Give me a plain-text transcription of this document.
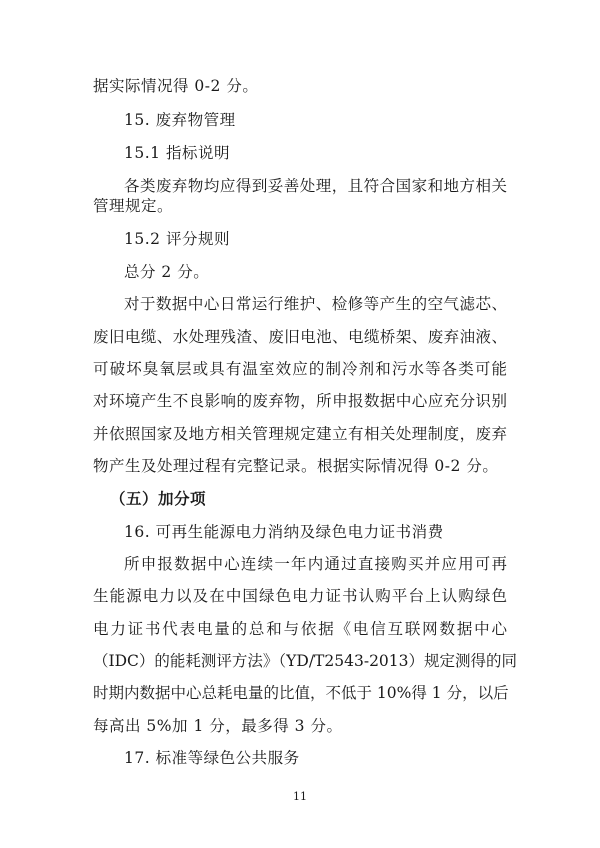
据实际情况得 0-2 分。
15. 废弃物管理
15.1 指标说明
各类废弃物均应得到妥善处理，且符合国家和地方相关
管理规定。
15.2 评分规则
总分 2 分。
对于数据中心日常运行维护、检修等产生的空气滤芯、
废旧电缆、水处理残渣、废旧电池、电缆桥架、废弃油液、
可破坏臭氧层或具有温室效应的制冷剂和污水等各类可能
对环境产生不良影响的废弃物，所申报数据中心应充分识别
并依照国家及地方相关管理规定建立有相关处理制度，废弃
物产生及处理过程有完整记录。根据实际情况得 0-2 分。
（五）加分项
16. 可再生能源电力消纳及绿色电力证书消费
所申报数据中心连续一年内通过直接购买并应用可再
生能源电力以及在中国绿色电力证书认购平台上认购绿色
电力证书代表电量的总和与依据《电信互联网数据中心
（IDC）的能耗测评方法》（YD/T2543-2013）规定测得的同
时期内数据中心总耗电量的比值，不低于 10%得 1 分，以后
每高出 5%加 1 分，最多得 3 分。
17. 标准等绿色公共服务
11
